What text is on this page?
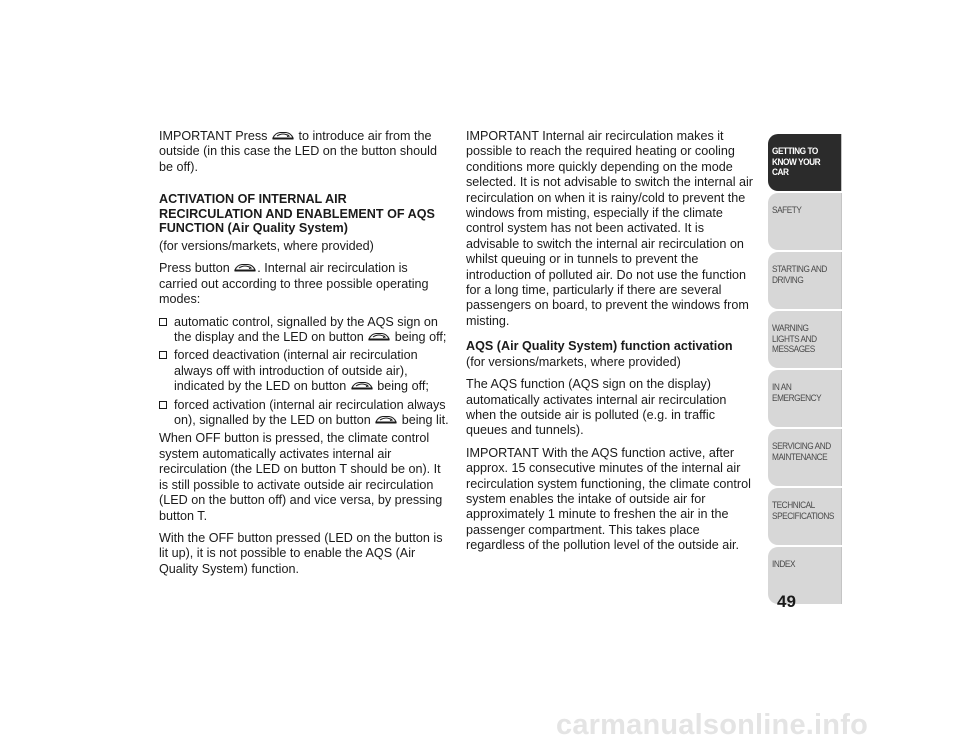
IMPORTANT Press to introduce air from the outside (in this case the LED on the button should be off).

ACTIVATION OF INTERNAL AIR RECIRCULATION AND ENABLEMENT OF AQS FUNCTION (Air Quality System)

(for versions/markets, where provided)

Press button . Internal air recirculation is carried out according to three possible operating modes:

automatic control, signalled by the AQS sign on the display and the LED on button being off;
forced deactivation (internal air recirculation always off with introduction of outside air), indicated by the LED on button being off;
forced activation (internal air recirculation always on), signalled by the LED on button being lit.

When OFF button is pressed, the climate control system automatically activates internal air recirculation (the LED on button T should be on). It is still possible to activate outside air recirculation (LED on the button off) and vice versa, by pressing button T.

With the OFF button pressed (LED on the button is lit up), it is not possible to enable the AQS (Air Quality System) function.

IMPORTANT Internal air recirculation makes it possible to reach the required heating or cooling conditions more quickly depending on the mode selected. It is not advisable to switch the internal air recirculation on when it is rainy/cold to prevent the windows from misting, especially if the climate control system has not been activated. It is advisable to switch the internal air recirculation on whilst queuing or in tunnels to prevent the introduction of polluted air. Do not use the function for a long time, particularly if there are several passengers on board, to prevent the windows from misting.

AQS (Air Quality System) function activation

(for versions/markets, where provided)

The AQS function (AQS sign on the display) automatically activates internal air recirculation when the outside air is polluted (e.g. in traffic queues and tunnels).

IMPORTANT With the AQS function active, after approx. 15 consecutive minutes of the internal air recirculation system functioning, the climate control system enables the intake of outside air for approximately 1 minute to freshen the air in the passenger compartment. This takes place regardless of the pollution level of the outside air.

GETTING TO KNOW YOUR CAR
SAFETY
STARTING AND DRIVING
WARNING LIGHTS AND MESSAGES
IN AN EMERGENCY
SERVICING AND MAINTENANCE
TECHNICAL SPECIFICATIONS
INDEX
49
carmanualsonline.info
